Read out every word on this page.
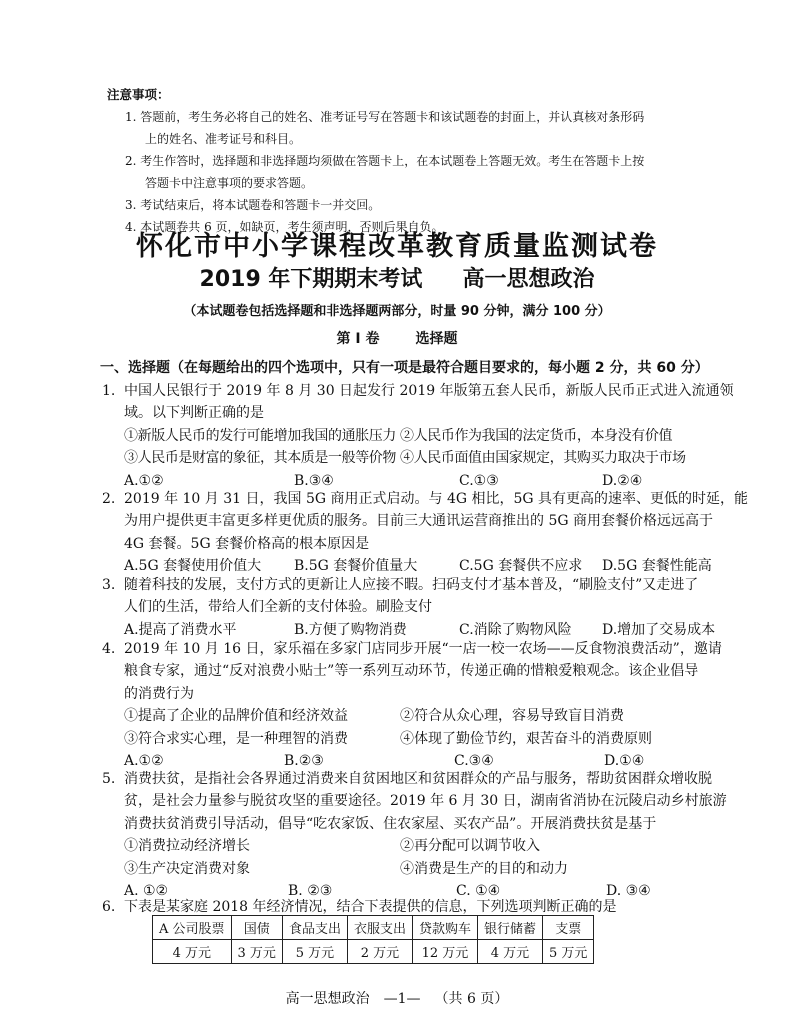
注意事项：
1. 答题前，考生务必将自己的姓名、准考证号写在答题卡和该试题卷的封面上，并认真核对条形码
上的姓名、准考证号和科目。
2. 考生作答时，选择题和非选择题均须做在答题卡上，在本试题卷上答题无效。考生在答题卡上按
答题卡中注意事项的要求答题。
3. 考试结束后，将本试题卷和答题卡一并交回。
4. 本试题卷共 6 页，如缺页，考生须声明，否则后果自负。
怀化市中小学课程改革教育质量监测试卷
2019 年下期期末考试 高一思想政治
（本试题卷包括选择题和非选择题两部分，时量 90 分钟，满分 100 分）
第 I 卷	选择题
一、选择题（在每题给出的四个选项中，只有一项是最符合题目要求的，每小题 2 分，共 60 分）
1. 中国人民银行于 2019 年 8 月 30 日起发行 2019 年版第五套人民币，新版人民币正式进入流通领
域。以下判断正确的是
①新版人民币的发行可能增加我国的通胀压力 ②人民币作为我国的法定货币，本身没有价值
③人民币是财富的象征，其本质是一般等价物 ④人民币面值由国家规定，其购买力取决于市场
A.①②	B.③④	C.①③	D.②④
2. 2019 年 10 月 31 日，我国 5G 商用正式启动。与 4G 相比，5G 具有更高的速率、更低的时延，能
为用户提供更丰富更多样更优质的服务。目前三大通讯运营商推出的 5G 商用套餐价格远远高于
4G 套餐。5G 套餐价格高的根本原因是
A.5G 套餐使用价值大	B.5G 套餐价值量大	C.5G 套餐供不应求	D.5G 套餐性能高
3. 随着科技的发展，支付方式的更新让人应接不暇。扫码支付才基本普及，“刷脸支付”又走进了
人们的生活，带给人们全新的支付体验。刷脸支付
A.提高了消费水平	B.方便了购物消费	C.消除了购物风险	D.增加了交易成本
4. 2019 年 10 月 16 日，家乐福在多家门店同步开展“一店一校一农场——反食物浪费活动”，邀请
粮食专家，通过“反对浪费小贴士”等一系列互动环节，传递正确的惜粮爱粮观念。该企业倡导
的消费行为
①提高了企业的品牌价值和经济效益	②符合从众心理，容易导致盲目消费
③符合求实心理，是一种理智的消费	④体现了勤俭节约，艰苦奋斗的消费原则
A.①②	B.②③	C.③④	D.①④
5. 消费扶贫，是指社会各界通过消费来自贫困地区和贫困群众的产品与服务，帮助贫困群众增收脱
贫，是社会力量参与脱贫攻坚的重要途径。2019 年 6 月 30 日，湖南省消协在沅陵启动乡村旅游
消费扶贫消费引导活动，倡导“吃农家饭、住农家屋、买农产品”。开展消费扶贫是基于
①消费拉动经济增长	②再分配可以调节收入
③生产决定消费对象	④消费是生产的目的和动力
A. ①②	B. ②③	C. ①④	D. ③④
6. 下表是某家庭 2018 年经济情况，结合下表提供的信息，下列选项判断正确的是
A 公司股票	国债	食品支出	衣服支出	贷款购车	银行储蓄	支票
4 万元	3 万元	5 万元	2 万元	12 万元	4 万元	5 万元
高一思想政治 —1— （共 6 页）
